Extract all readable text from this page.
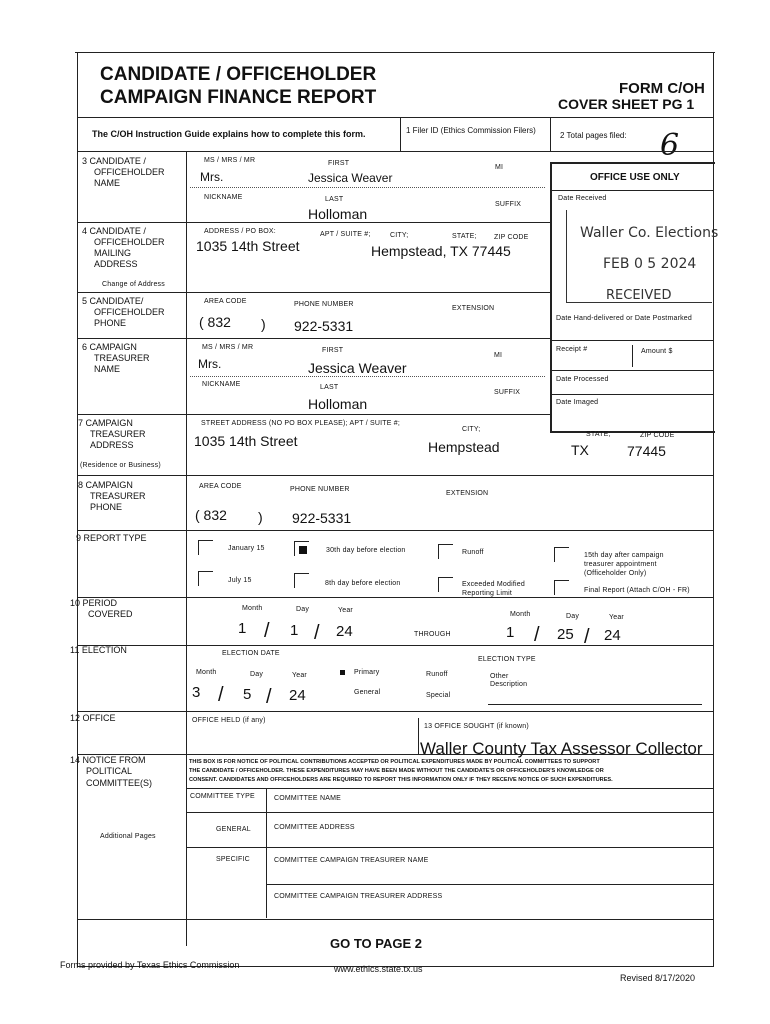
CANDIDATE / OFFICEHOLDER
CAMPAIGN FINANCE REPORT	FORM C/OH
COVER SHEET PG 1
The C/OH Instruction Guide explains how to complete this form.	1 Filer ID (Ethics Commission Filers)
2 Total pages filed: 6
3 CANDIDATE /
OFFICEHOLDER
NAME
MS / MRS / MR	FIRST
MI
Mrs.	Jessica Weaver
NICKNAME	LAST
SUFFIX
Holloman
OFFICE USE ONLY
Date Received
Waller Co. Elections
FEB 0 5 2024
RECEIVED
Date Hand-delivered or Date Postmarked
Receipt #	Amount $
Date Processed
Date Imaged
4 CANDIDATE /
OFFICEHOLDER
MAILING
ADDRESS
Change of Address
ADDRESS / PO BOX:	APT / SUITE #;	CITY;	STATE; ZIP CODE
1035 14th Street	Hempstead, TX 77445
5 CANDIDATE/
OFFICEHOLDER
PHONE
AREA CODE	PHONE NUMBER
EXTENSION
( 832 ) 922-5331
6 CAMPAIGN
TREASURER
NAME
MS / MRS / MR	FIRST
MI
Mrs.	Jessica Weaver
NICKNAME	LAST
SUFFIX
Holloman
7 CAMPAIGN
TREASURER
ADDRESS
(Residence or Business)
STREET ADDRESS (NO PO BOX PLEASE); APT / SUITE #;
CITY;
STATE;	ZIP CODE
1035 14th Street	Hempstead	TX	77445
8 CAMPAIGN
TREASURER
PHONE
AREA CODE	PHONE NUMBER
EXTENSION
( 832 ) 922-5331
9 REPORT TYPE
January 15	30th day before election	Runoff	15th day after campaign
treasurer appointment
(Officeholder Only)
July 15	8th day before election	Exceeded Modified
Reporting Limit	Final Report (Attach C/OH - FR)
10 PERIOD
COVERED
Month	Day	Year
1 / 1 / 24	THROUGH
Month	Day	Year
1 / 25 / 24
11 ELECTION	ELECTION DATE
ELECTION TYPE
Month	Day	Year
3 / 5 / 24
Primary	Runoff	Other
Description
General	Special
12 OFFICE	OFFICE HELD (if any)
13 OFFICE SOUGHT (if known)
Waller County Tax Assessor Collector
14 NOTICE FROM
POLITICAL
COMMITTEE(S)
Additional Pages
THIS BOX IS FOR NOTICE OF POLITICAL CONTRIBUTIONS ACCEPTED OR POLITICAL EXPENDITURES MADE BY POLITICAL COMMITTEES TO SUPPORT
THE CANDIDATE / OFFICEHOLDER. THESE EXPENDITURES MAY HAVE BEEN MADE WITHOUT THE CANDIDATE'S OR OFFICEHOLDER'S KNOWLEDGE OR
CONSENT. CANDIDATES AND OFFICEHOLDERS ARE REQUIRED TO REPORT THIS INFORMATION ONLY IF THEY RECEIVE NOTICE OF SUCH EXPENDITURES.
COMMITTEE TYPE	COMMITTEE NAME
GENERAL	COMMITTEE ADDRESS
SPECIFIC	COMMITTEE CAMPAIGN TREASURER NAME
COMMITTEE CAMPAIGN TREASURER ADDRESS
GO TO PAGE 2
Forms provided by Texas Ethics Commission	www.ethics.state.tx.us
Revised 8/17/2020
